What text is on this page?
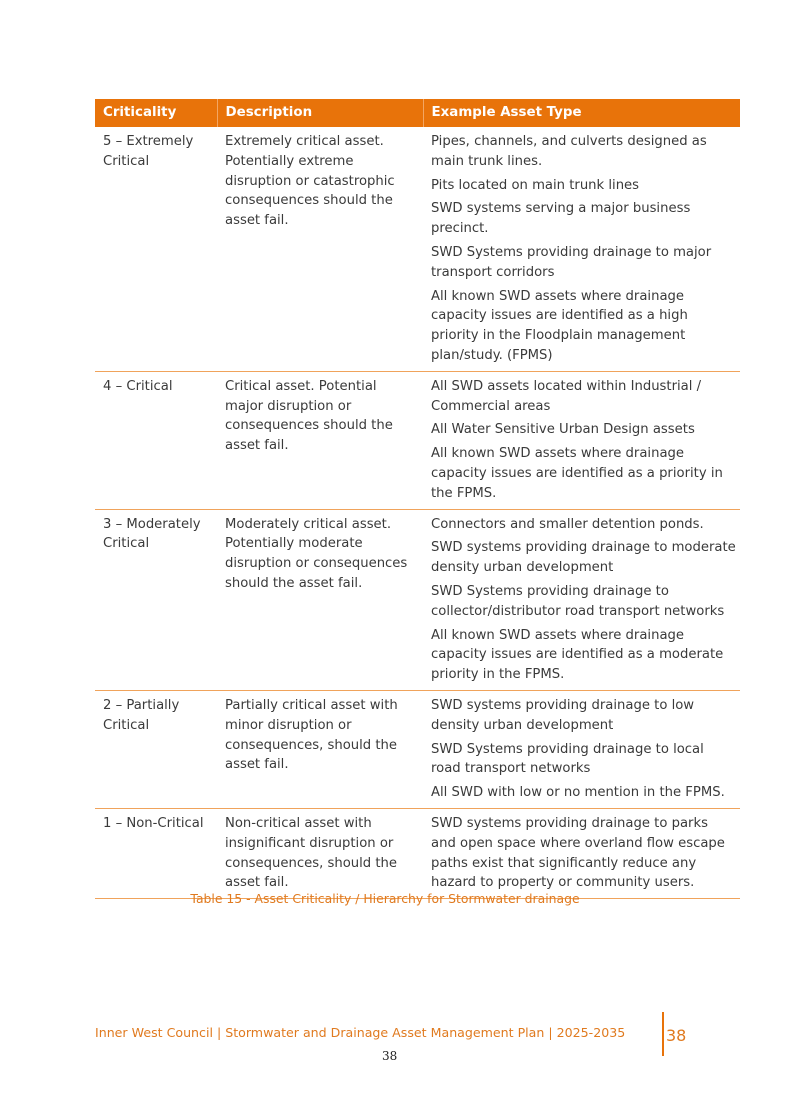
Criticality	Description	Example Asset Type
5 – Extremely Critical	Extremely critical asset. Potentially extreme disruption or catastrophic consequences should the asset fail.	Pipes, channels, and culverts designed as main trunk lines.

Pits located on main trunk lines

SWD systems serving a major business precinct.

SWD Systems providing drainage to major transport corridors

All known SWD assets where drainage capacity issues are identified as a high priority in the Floodplain management plan/study. (FPMS)

4 – Critical	Critical asset. Potential major disruption or consequences should the asset fail.	All SWD assets located within Industrial / Commercial areas

All Water Sensitive Urban Design assets

All known SWD assets where drainage capacity issues are identified as a priority in the FPMS.

3 – Moderately Critical	Moderately critical asset. Potentially moderate disruption or consequences should the asset fail.	Connectors and smaller detention ponds.

SWD systems providing drainage to moderate density urban development

SWD Systems providing drainage to collector/distributor road transport networks

All known SWD assets where drainage capacity issues are identified as a moderate priority in the FPMS.

2 – Partially Critical	Partially critical asset with minor disruption or consequences, should the asset fail.	SWD systems providing drainage to low density urban development

SWD Systems providing drainage to local road transport networks

All SWD with low or no mention in the FPMS.

1 – Non-Critical	Non-critical asset with insignificant disruption or consequences, should the asset fail.	SWD systems providing drainage to parks and open space where overland flow escape paths exist that significantly reduce any hazard to property or community users.

Table 15 - Asset Criticality / Hierarchy for Stormwater drainage
Inner West Council | Stormwater and Drainage Asset Management Plan | 2025-2035	38
38
